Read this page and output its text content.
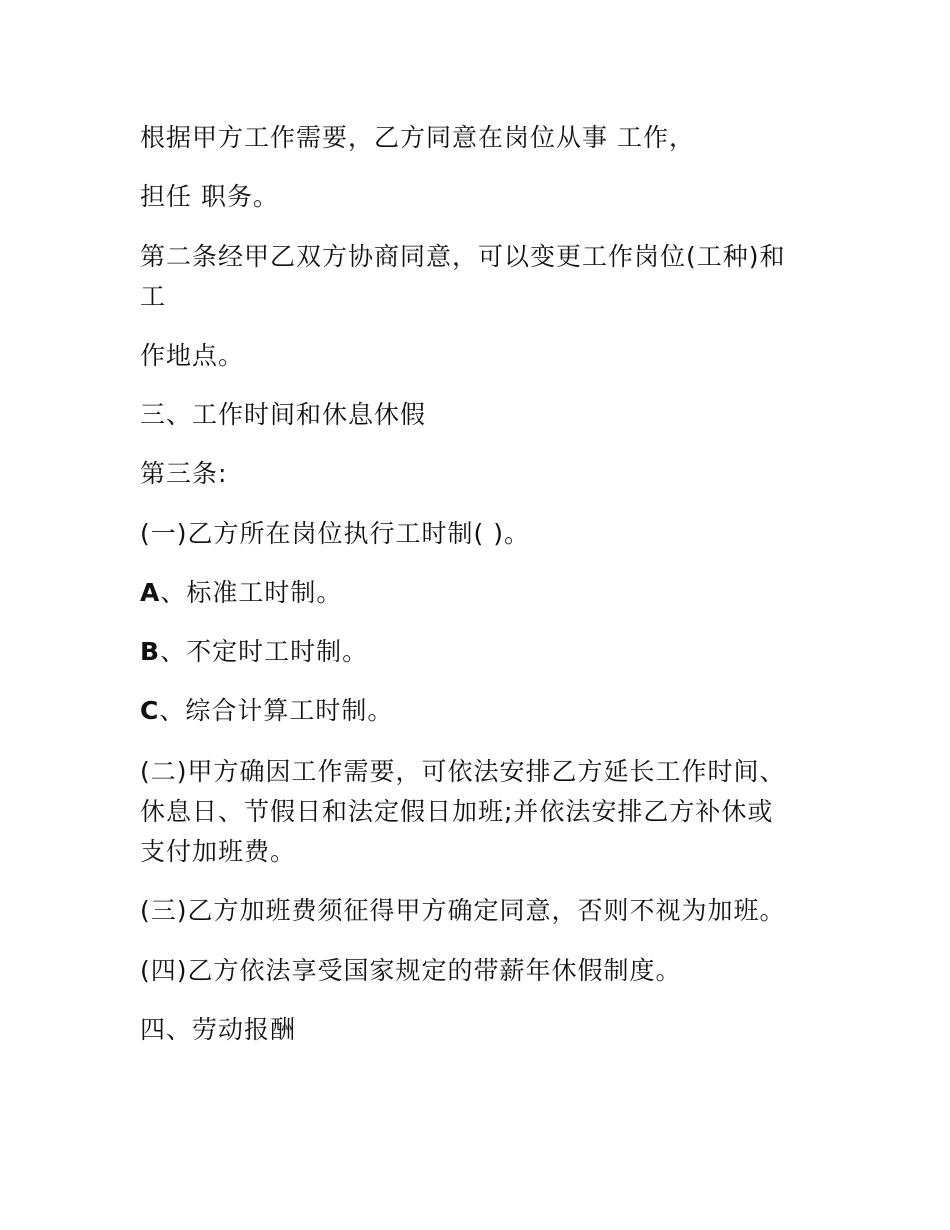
根据甲方工作需要，乙方同意在岗位从事 工作，
担任 职务。
第二条经甲乙双方协商同意，可以变更工作岗位(工种)和
工
作地点。
三、工作时间和休息休假
第三条:
(一)乙方所在岗位执行工时制( )。
A、标准工时制。
B、不定时工时制。
C、综合计算工时制。
(二)甲方确因工作需要，可依法安排乙方延长工作时间、
休息日、节假日和法定假日加班;并依法安排乙方补休或
支付加班费。
(三)乙方加班费须征得甲方确定同意，否则不视为加班。
(四)乙方依法享受国家规定的带薪年休假制度。
四、劳动报酬
